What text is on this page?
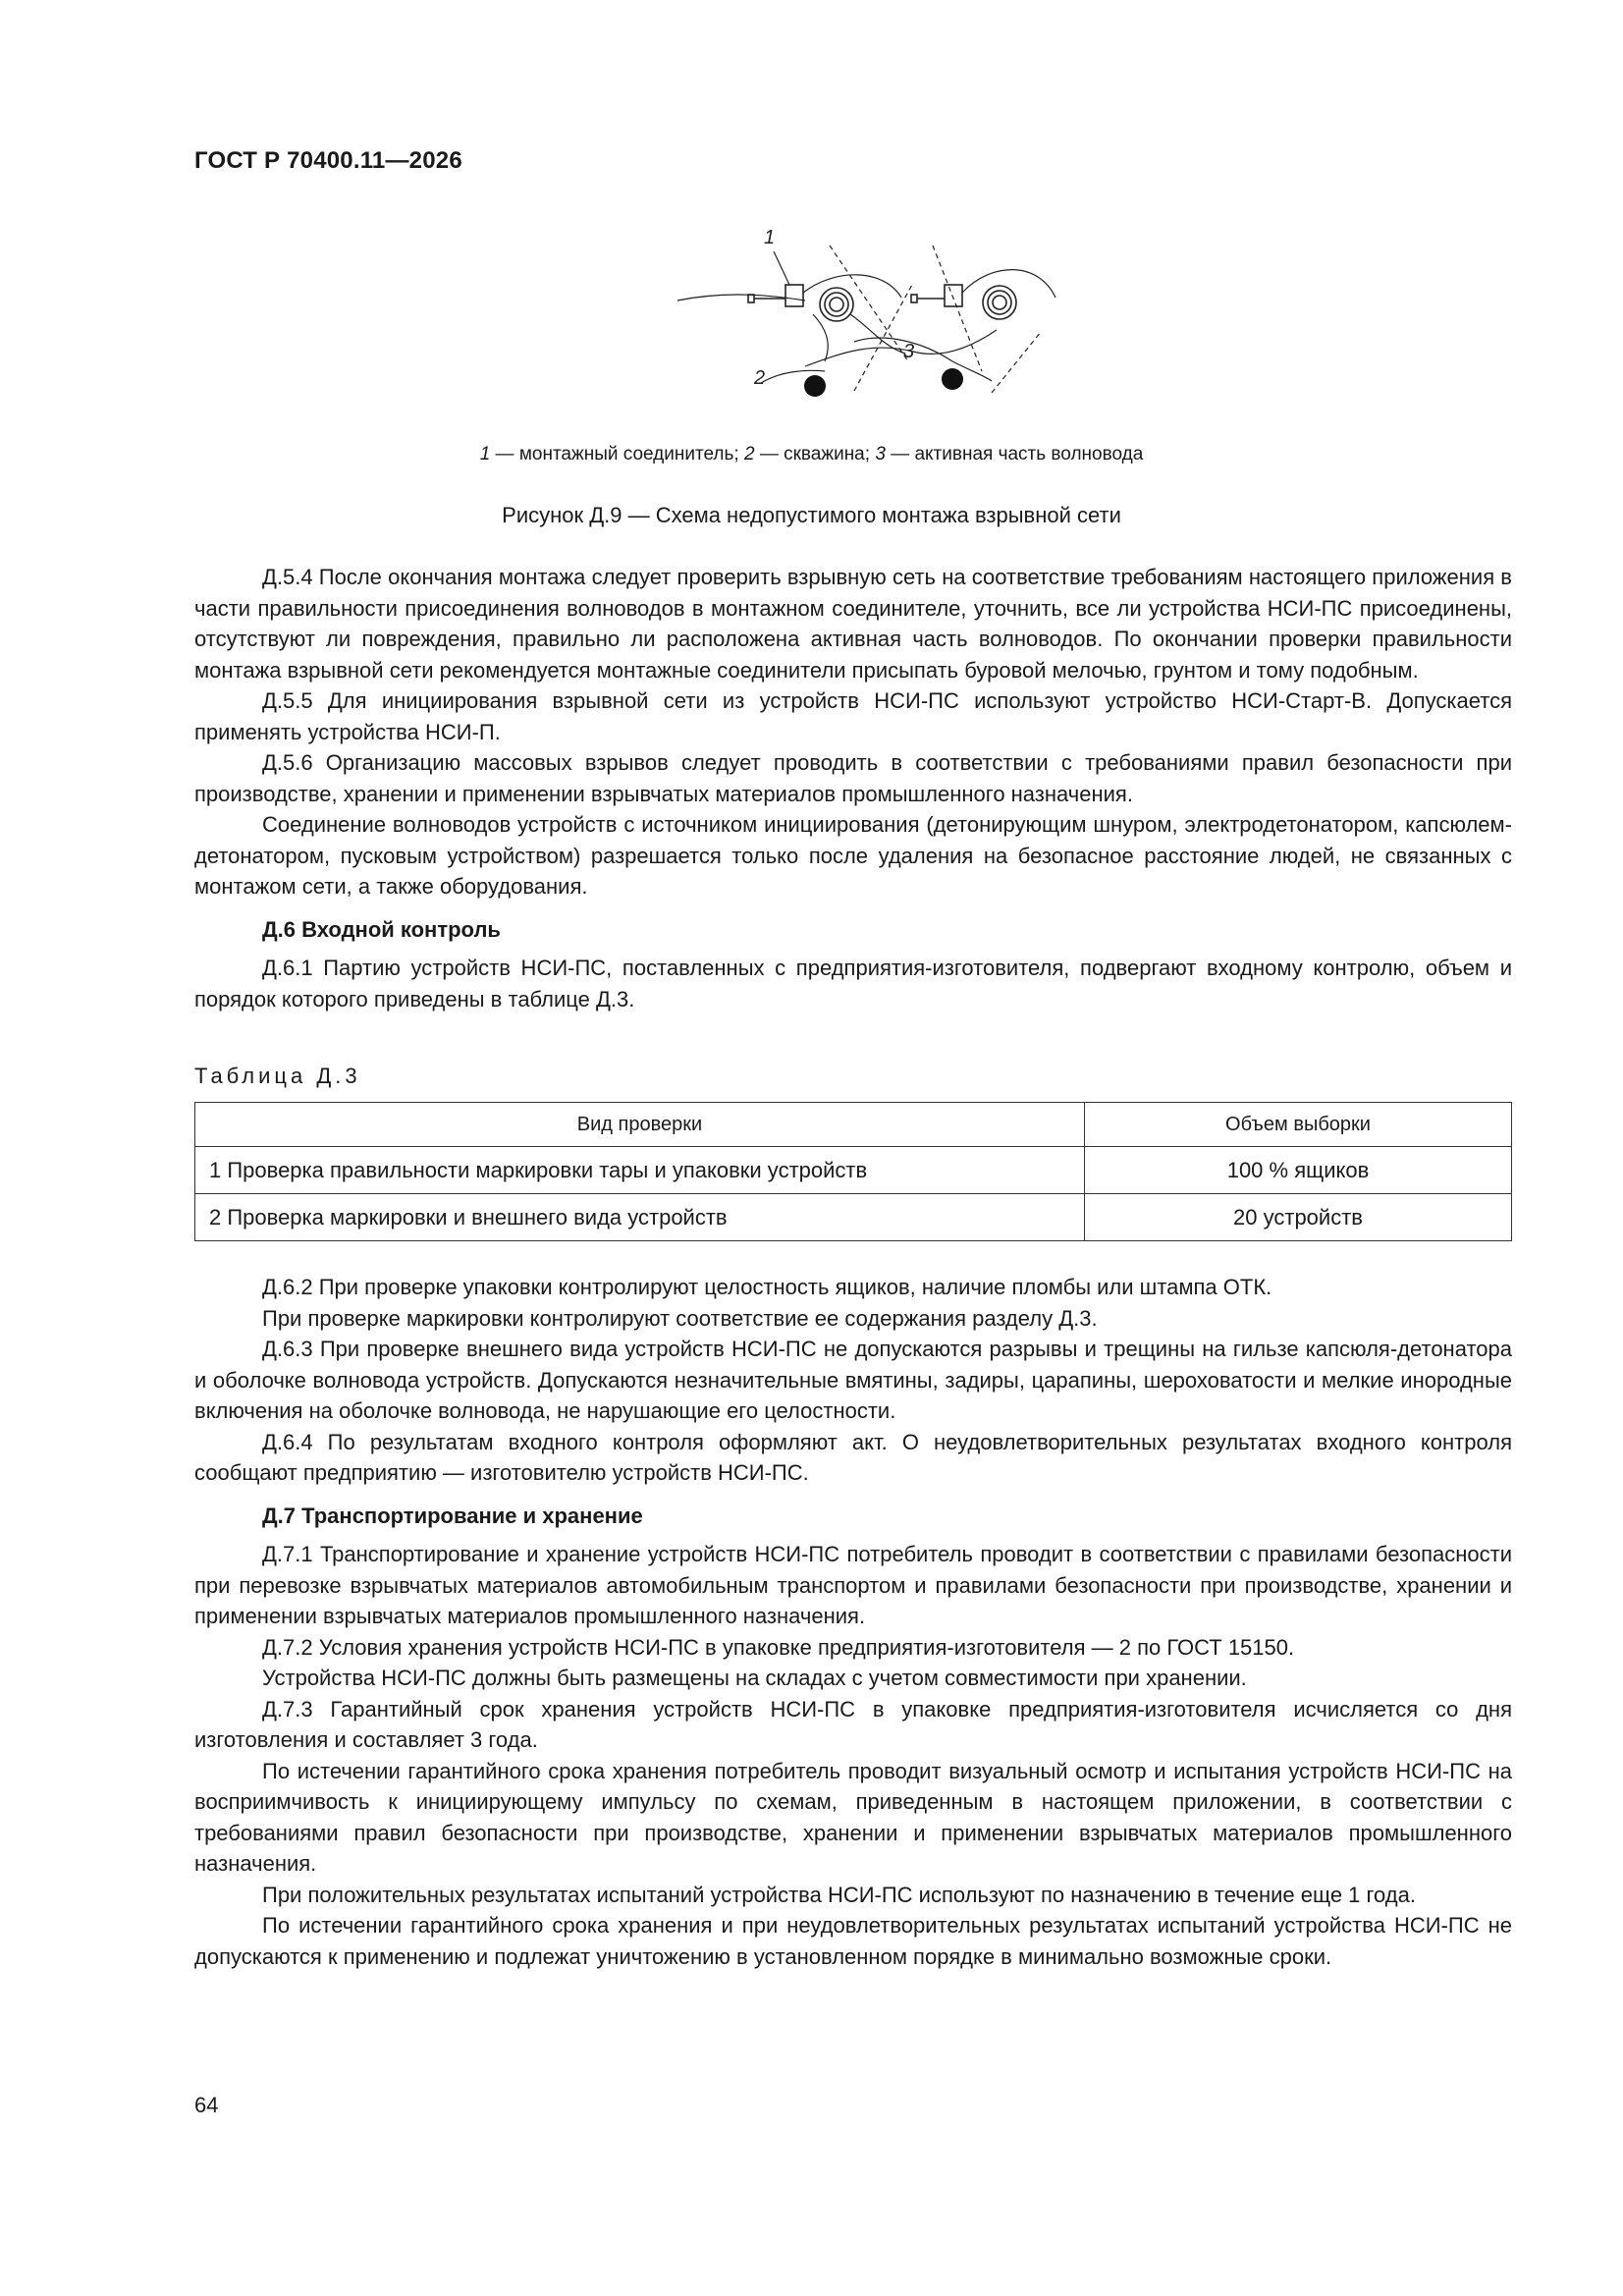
ГОСТ Р 70400.11—2026
1
2
3
1 — монтажный соединитель; 2 — скважина; 3 — активная часть волновода
Рисунок Д.9 — Схема недопустимого монтажа взрывной сети

Д.5.4 После окончания монтажа следует проверить взрывную сеть на соответствие требованиям настоящего приложения в части правильности присоединения волноводов в монтажном соединителе, уточнить, все ли устройства НСИ-ПС присоединены, отсутствуют ли повреждения, правильно ли расположена активная часть волноводов. По окончании проверки правильности монтажа взрывной сети рекомендуется монтажные соединители присыпать буровой мелочью, грунтом и тому подобным.

Д.5.5 Для инициирования взрывной сети из устройств НСИ-ПС используют устройство НСИ-Старт-В. Допускается применять устройства НСИ-П.

Д.5.6 Организацию массовых взрывов следует проводить в соответствии с требованиями правил безопасности при производстве, хранении и применении взрывчатых материалов промышленного назначения.

Соединение волноводов устройств с источником инициирования (детонирующим шнуром, электродетонатором, капсюлем-детонатором, пусковым устройством) разрешается только после удаления на безопасное расстояние людей, не связанных с монтажом сети, а также оборудования.

Д.6 Входной контроль

Д.6.1 Партию устройств НСИ-ПС, поставленных с предприятия-изготовителя, подвергают входному контролю, объем и порядок которого приведены в таблице Д.3.

Таблица Д.3
Вид проверки	Объем выборки
1 Проверка правильности маркировки тары и упаковки устройств	100 % ящиков
2 Проверка маркировки и внешнего вида устройств	20 устройств

Д.6.2 При проверке упаковки контролируют целостность ящиков, наличие пломбы или штампа ОТК.

При проверке маркировки контролируют соответствие ее содержания разделу Д.3.

Д.6.3 При проверке внешнего вида устройств НСИ-ПС не допускаются разрывы и трещины на гильзе капсюля-детонатора и оболочке волновода устройств. Допускаются незначительные вмятины, задиры, царапины, шероховатости и мелкие инородные включения на оболочке волновода, не нарушающие его целостности.

Д.6.4 По результатам входного контроля оформляют акт. О неудовлетворительных результатах входного контроля сообщают предприятию — изготовителю устройств НСИ-ПС.

Д.7 Транспортирование и хранение

Д.7.1 Транспортирование и хранение устройств НСИ-ПС потребитель проводит в соответствии с правилами безопасности при перевозке взрывчатых материалов автомобильным транспортом и правилами безопасности при производстве, хранении и применении взрывчатых материалов промышленного назначения.

Д.7.2 Условия хранения устройств НСИ-ПС в упаковке предприятия-изготовителя — 2 по ГОСТ 15150.

Устройства НСИ-ПС должны быть размещены на складах с учетом совместимости при хранении.

Д.7.3 Гарантийный срок хранения устройств НСИ-ПС в упаковке предприятия-изготовителя исчисляется со дня изготовления и составляет 3 года.

По истечении гарантийного срока хранения потребитель проводит визуальный осмотр и испытания устройств НСИ-ПС на восприимчивость к инициирующему импульсу по схемам, приведенным в настоящем приложении, в соответствии с требованиями правил безопасности при производстве, хранении и применении взрывчатых материалов промышленного назначения.

При положительных результатах испытаний устройства НСИ-ПС используют по назначению в течение еще 1 года.

По истечении гарантийного срока хранения и при неудовлетворительных результатах испытаний устройства НСИ-ПС не допускаются к применению и подлежат уничтожению в установленном порядке в минимально возможные сроки.

64
